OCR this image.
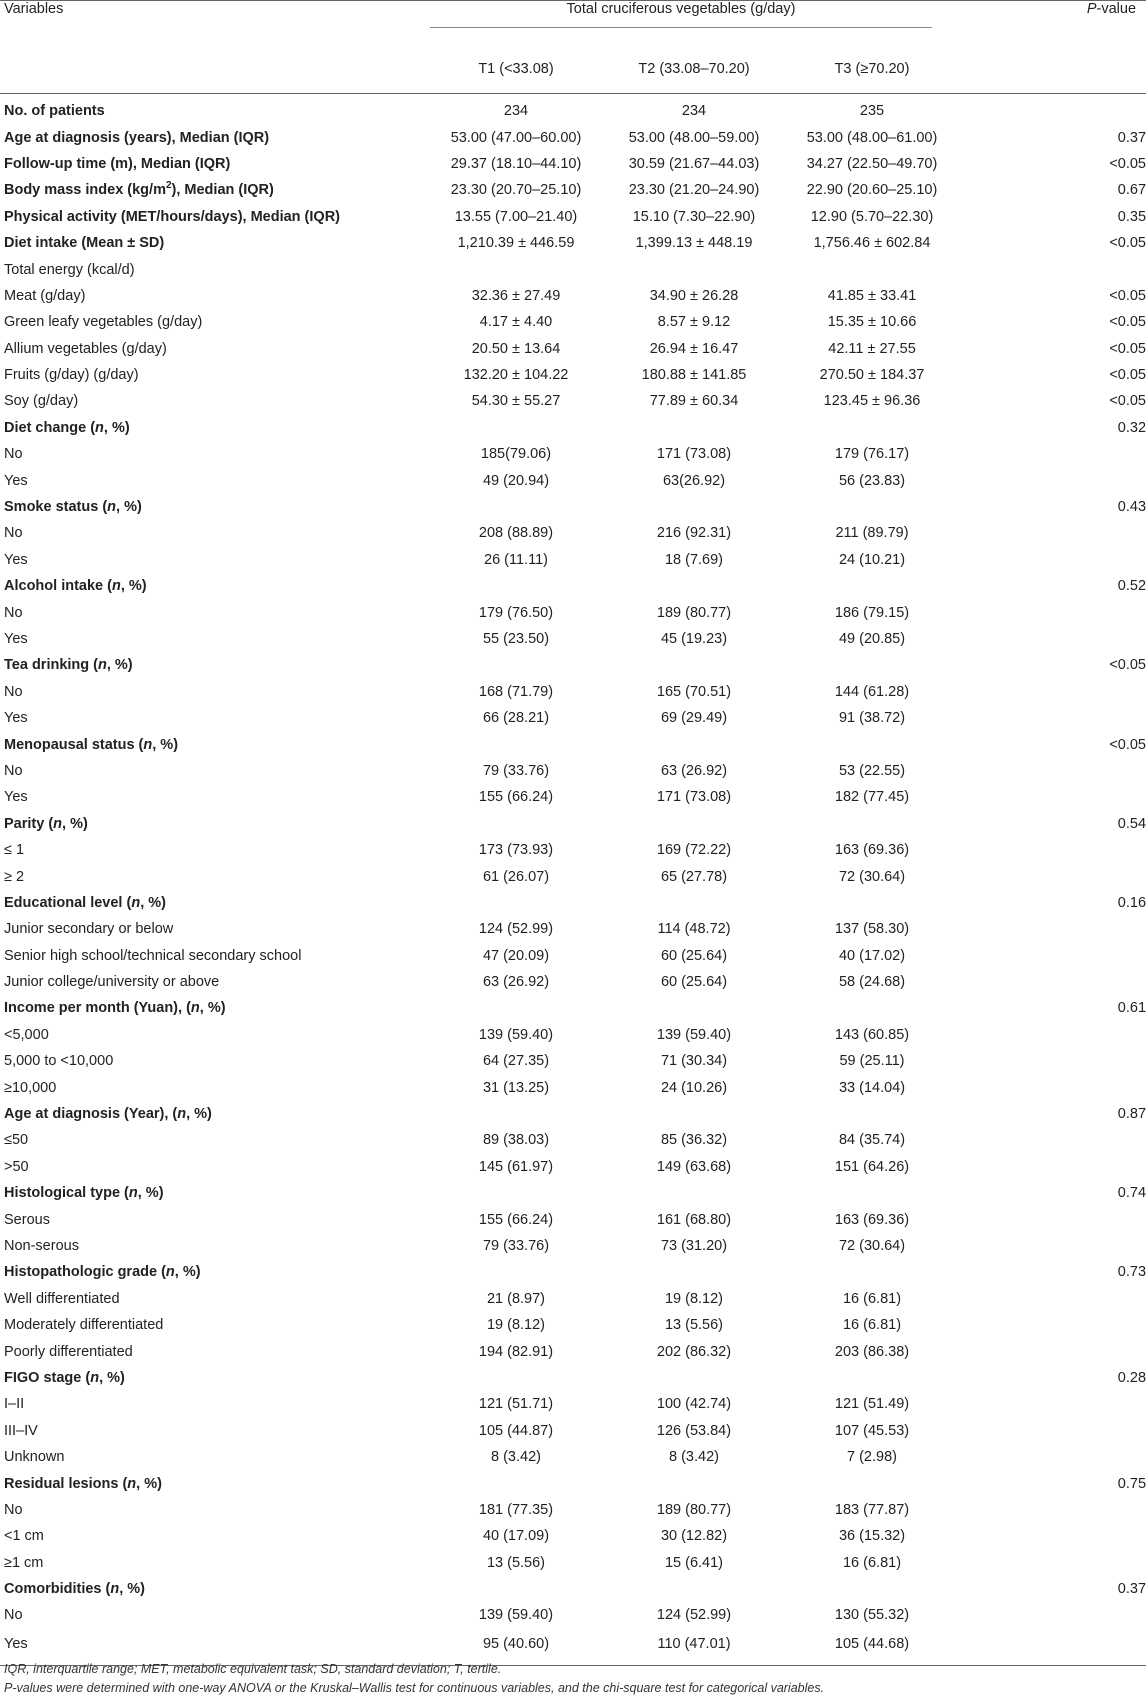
Variables	Total cruciferous vegetables (g/day)			P-value
	T1 (<33.08)	T2 (33.08–70.20)	T3 (≥70.20)	
No. of patients	234	234	235	
Age at diagnosis (years), Median (IQR)	53.00 (47.00–60.00)	53.00 (48.00–59.00)	53.00 (48.00–61.00)	0.37
Follow-up time (m), Median (IQR)	29.37 (18.10–44.10)	30.59 (21.67–44.03)	34.27 (22.50–49.70)	<0.05
Body mass index $(kg/m^2)$, Median (IQR)	23.30 (20.70–25.10)	23.30 (21.20–24.90)	22.90 (20.60–25.10)	0.67
Physical activity (MET/hours/days), Median (IQR)	13.55 (7.00–21.40)	15.10 (7.30–22.90)	12.90 (5.70–22.30)	0.35
Diet intake (Mean ± SD)	1,210.39 ± 446.59	1,399.13 ± 448.19	1,756.46 ± 602.84	<0.05
Total energy (kcal/d)				
Meat (g/day)	32.36 ± 27.49	34.90 ± 26.28	41.85 ± 33.41	<0.05
Green leafy vegetables (g/day)	4.17 ± 4.40	8.57 ± 9.12	15.35 ± 10.66	<0.05
Allium vegetables (g/day)	20.50 ± 13.64	26.94 ± 16.47	42.11 ± 27.55	<0.05
Fruits (g/day) (g/day)	132.20 ± 104.22	180.88 ± 141.85	270.50 ± 184.37	<0.05
Soy (g/day)	54.30 ± 55.27	77.89 ± 60.34	123.45 ± 96.36	<0.05
Diet change (n, %)				0.32
No	185(79.06)	171 (73.08)	179 (76.17)	
Yes	49 (20.94)	63(26.92)	56 (23.83)	
Smoke status (n, %)				0.43
No	208 (88.89)	216 (92.31)	211 (89.79)	
Yes	26 (11.11)	18 (7.69)	24 (10.21)	
Alcohol intake (n, %)				0.52
No	179 (76.50)	189 (80.77)	186 (79.15)	
Yes	55 (23.50)	45 (19.23)	49 (20.85)	
Tea drinking (n, %)				<0.05
No	168 (71.79)	165 (70.51)	144 (61.28)	
Yes	66 (28.21)	69 (29.49)	91 (38.72)	
Menopausal status (n, %)				<0.05
No	79 (33.76)	63 (26.92)	53 (22.55)	
Yes	155 (66.24)	171 (73.08)	182 (77.45)	
Parity (n, %)				0.54
≤ 1	173 (73.93)	169 (72.22)	163 (69.36)	
≥ 2	61 (26.07)	65 (27.78)	72 (30.64)	
Educational level (n, %)				0.16
Junior secondary or below	124 (52.99)	114 (48.72)	137 (58.30)	
Senior high school/technical secondary school	47 (20.09)	60 (25.64)	40 (17.02)	
Junior college/university or above	63 (26.92)	60 (25.64)	58 (24.68)	
Income per month (Yuan), (n, %)				0.61
<5,000	139 (59.40)	139 (59.40)	143 (60.85)	
5,000 to <10,000	64 (27.35)	71 (30.34)	59 (25.11)	
≥10,000	31 (13.25)	24 (10.26)	33 (14.04)	
Age at diagnosis (Year), (n, %)				0.87
≤50	89 (38.03)	85 (36.32)	84 (35.74)	
>50	145 (61.97)	149 (63.68)	151 (64.26)	
Histological type (n, %)				0.74
Serous	155 (66.24)	161 (68.80)	163 (69.36)	
Non-serous	79 (33.76)	73 (31.20)	72 (30.64)	
Histopathologic grade (n, %)				0.73
Well differentiated	21 (8.97)	19 (8.12)	16 (6.81)	
Moderately differentiated	19 (8.12)	13 (5.56)	16 (6.81)	
Poorly differentiated	194 (82.91)	202 (86.32)	203 (86.38)	
FIGO stage (n, %)				0.28
I–II	121 (51.71)	100 (42.74)	121 (51.49)	
III–IV	105 (44.87)	126 (53.84)	107 (45.53)	
Unknown	8 (3.42)	8 (3.42)	7 (2.98)	
Residual lesions (n, %)				0.75
No	181 (77.35)	189 (80.77)	183 (77.87)	
<1 cm	40 (17.09)	30 (12.82)	36 (15.32)	
≥1 cm	13 (5.56)	15 (6.41)	16 (6.81)	
Comorbidities (n, %)				0.37
No	139 (59.40)	124 (52.99)	130 (55.32)	
Yes	95 (40.60)	110 (47.01)	105 (44.68)	
IQR, interquartile range; MET, metabolic equivalent task; SD, standard deviation; T, tertile.
P-values were determined with one-way ANOVA or the Kruskal–Wallis test for continuous variables, and the chi-square test for categorical variables.
